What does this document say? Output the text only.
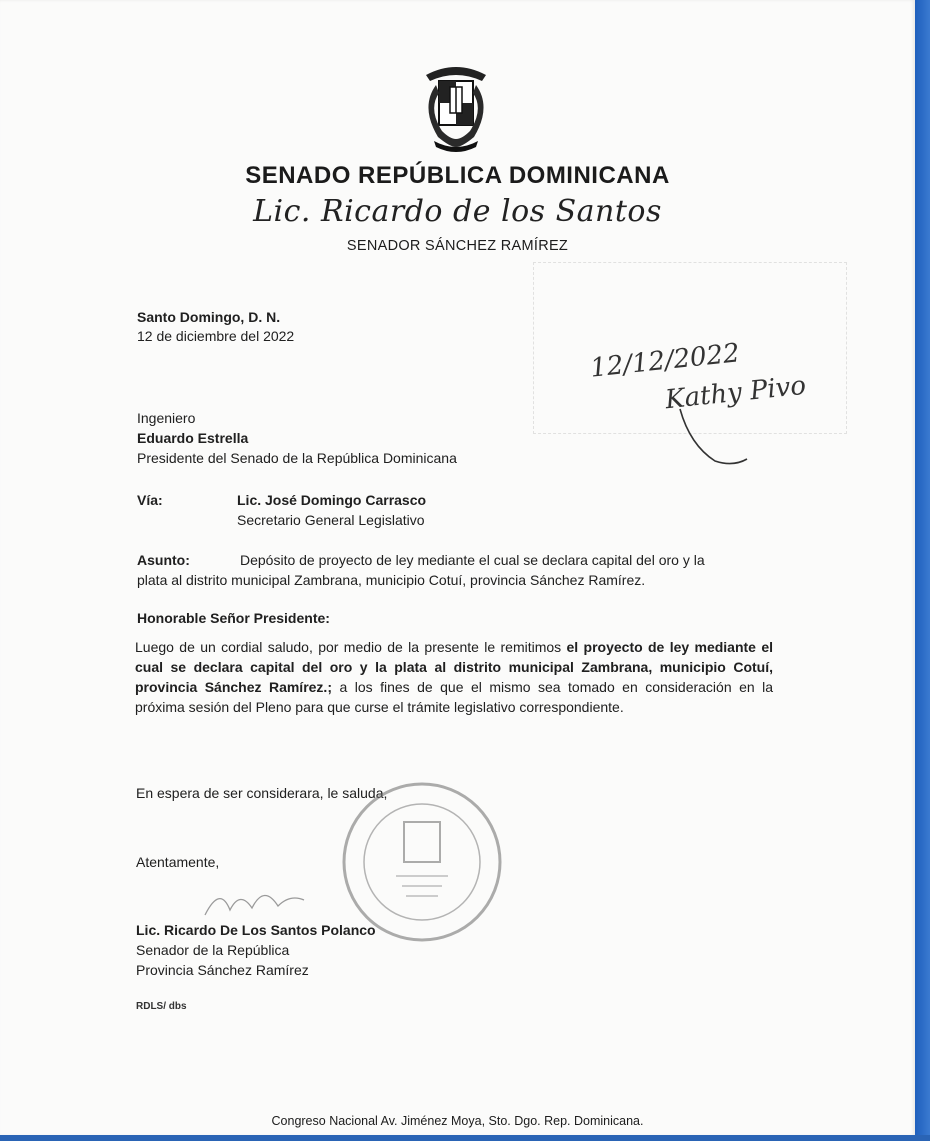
SENADO REPÚBLICA DOMINICANA
Lic. Ricardo de los Santos
SENADOR SÁNCHEZ RAMÍREZ
12/12/2022
Kathy Pivo
Santo Domingo, D. N.
12 de diciembre del 2022
Ingeniero
Eduardo Estrella
Presidente del Senado de la República Dominicana
Vía:	Lic. José Domingo Carrasco
Secretario General Legislativo
Asunto:	Depósito de proyecto de ley mediante el cual se declara capital del oro y la
plata al distrito municipal Zambrana, municipio Cotuí, provincia Sánchez Ramírez.
Honorable Señor Presidente:
Luego de un cordial saludo, por medio de la presente le remitimos el proyecto de ley mediante el cual se declara capital del oro y la plata al distrito municipal Zambrana, municipio Cotuí, provincia Sánchez Ramírez.; a los fines de que el mismo sea tomado en consideración en la próxima sesión del Pleno para que curse el trámite legislativo correspondiente.
En espera de ser considerara, le saluda,
Atentamente,
Lic. Ricardo De Los Santos Polanco
Senador de la República
Provincia Sánchez Ramírez
RDLS/ dbs
Congreso Nacional Av. Jiménez Moya, Sto. Dgo. Rep. Dominicana.
